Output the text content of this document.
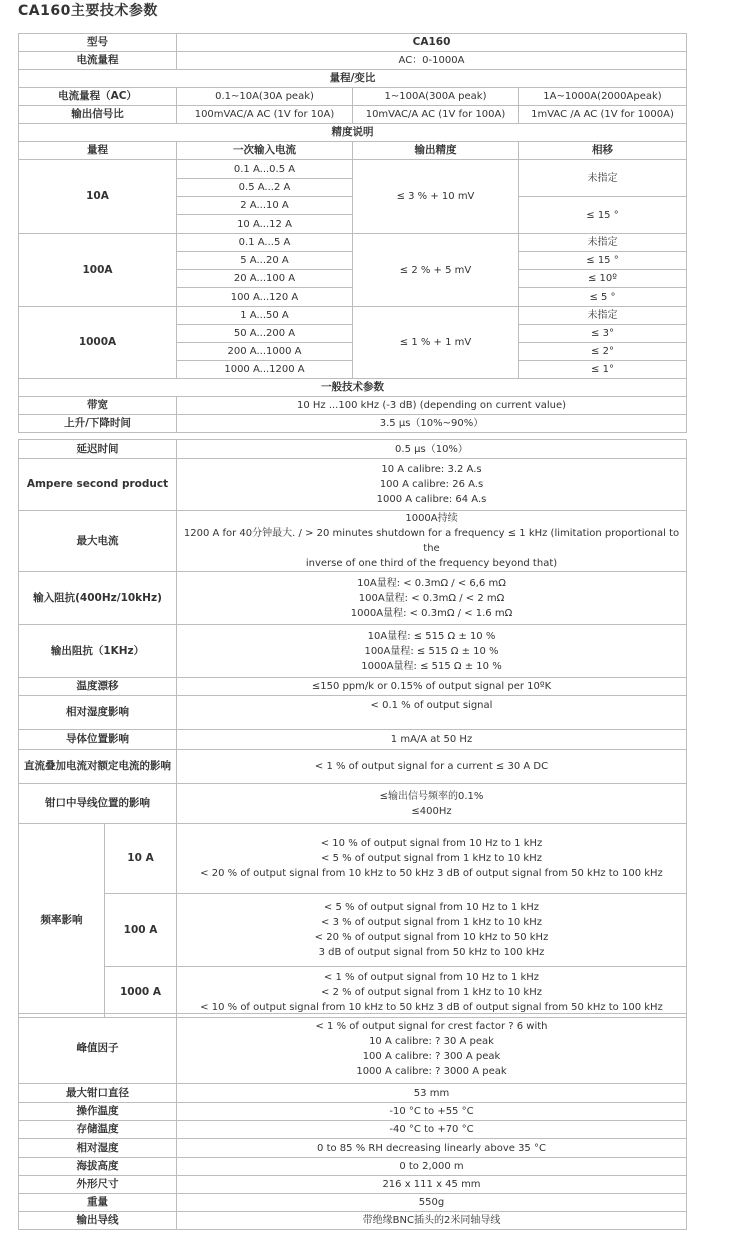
CA160主要技术参数
型号	CA160		
电流量程	AC：0-1000A		
量程/变比			
电流量程（AC）	0.1~10A(30A peak)	1~100A(300A peak)	1A~1000A(2000Apeak)
输出信号比	100mVAC/A AC (1V for 10A)	10mVAC/A AC (1V for 100A)	1mVAC /A AC (1V for 1000A)
精度说明			
量程	一次输入电流	输出精度	相移
10A	0.1 A...0.5 A	≤ 3 % + 10 mV	未指定
	0.5 A...2 A		
	2 A...10 A		≤ 15 °
	10 A...12 A		
100A	0.1 A...5 A	≤ 2 % + 5 mV	未指定
	5 A...20 A		≤ 15 °
	20 A...100 A		≤ 10º
	100 A...120 A		≤ 5 °
1000A	1 A...50 A	≤ 1 % + 1 mV	未指定
	50 A...200 A		≤ 3°
	200 A...1000 A		≤ 2°
	1000 A...1200 A		≤ 1°
一般技术参数			
带宽	10 Hz ...100 kHz (-3 dB) (depending on current value)		
上升/下降时间	3.5 μs（10%~90%）		
延迟时间		0.5 μs（10%）
Ampere second product		10 A calibre: 3.2 A.s
100 A calibre: 26 A.s
1000 A calibre: 64 A.s

最大电流		1000A持续
1200 A for 40分钟最大. / > 20 minutes shutdown for a frequency ≤ 1 kHz (limitation proportional to the
inverse of one third of the frequency beyond that)

输入阻抗(400Hz/10kHz)		10A量程: < 0.3mΩ / < 6,6 mΩ
100A量程: < 0.3mΩ / < 2 mΩ
1000A量程: < 0.3mΩ / < 1.6 mΩ

输出阻抗（1KHz）		10A量程: ≤ 515 Ω ± 10 %
100A量程: ≤ 515 Ω ± 10 %
1000A量程: ≤ 515 Ω ± 10 %

温度漂移		≤150 ppm/k or 0.15% of output signal per 10ºK
相对湿度影响		< 0.1 % of output signal
导体位置影响		1 mA/A at 50 Hz
直流叠加电流对额定电流的影响		< 1 % of output signal for a current ≤ 30 A DC
钳口中导线位置的影响		≤输出信号频率的0.1%
≤400Hz

频率影响	10 A	< 10 % of output signal from 10 Hz to 1 kHz
< 5 % of output signal from 1 kHz to 10 kHz
< 20 % of output signal from 10 kHz to 50 kHz 3 dB of output signal from 50 kHz to 100 kHz

	100 A	< 5 % of output signal from 10 Hz to 1 kHz
< 3 % of output signal from 1 kHz to 10 kHz
< 20 % of output signal from 10 kHz to 50 kHz
3 dB of output signal from 50 kHz to 100 kHz

	1000 A	< 1 % of output signal from 10 Hz to 1 kHz
< 2 % of output signal from 1 kHz to 10 kHz
< 10 % of output signal from 10 kHz to 50 kHz 3 dB of output signal from 50 kHz to 100 kHz
峰值因子	< 1 % of output signal for crest factor ? 6 with
10 A calibre: ? 30 A peak
100 A calibre: ? 300 A peak
1000 A calibre: ? 3000 A peak

最大钳口直径	53 mm
操作温度	-10 °C to +55 °C
存储温度	-40 °C to +70 °C
相对湿度	0 to 85 % RH decreasing linearly above 35 °C
海拔高度	0 to 2,000 m
外形尺寸	216 x 111 x 45 mm
重量	550g
输出导线	带绝缘BNC插头的2米同轴导线
